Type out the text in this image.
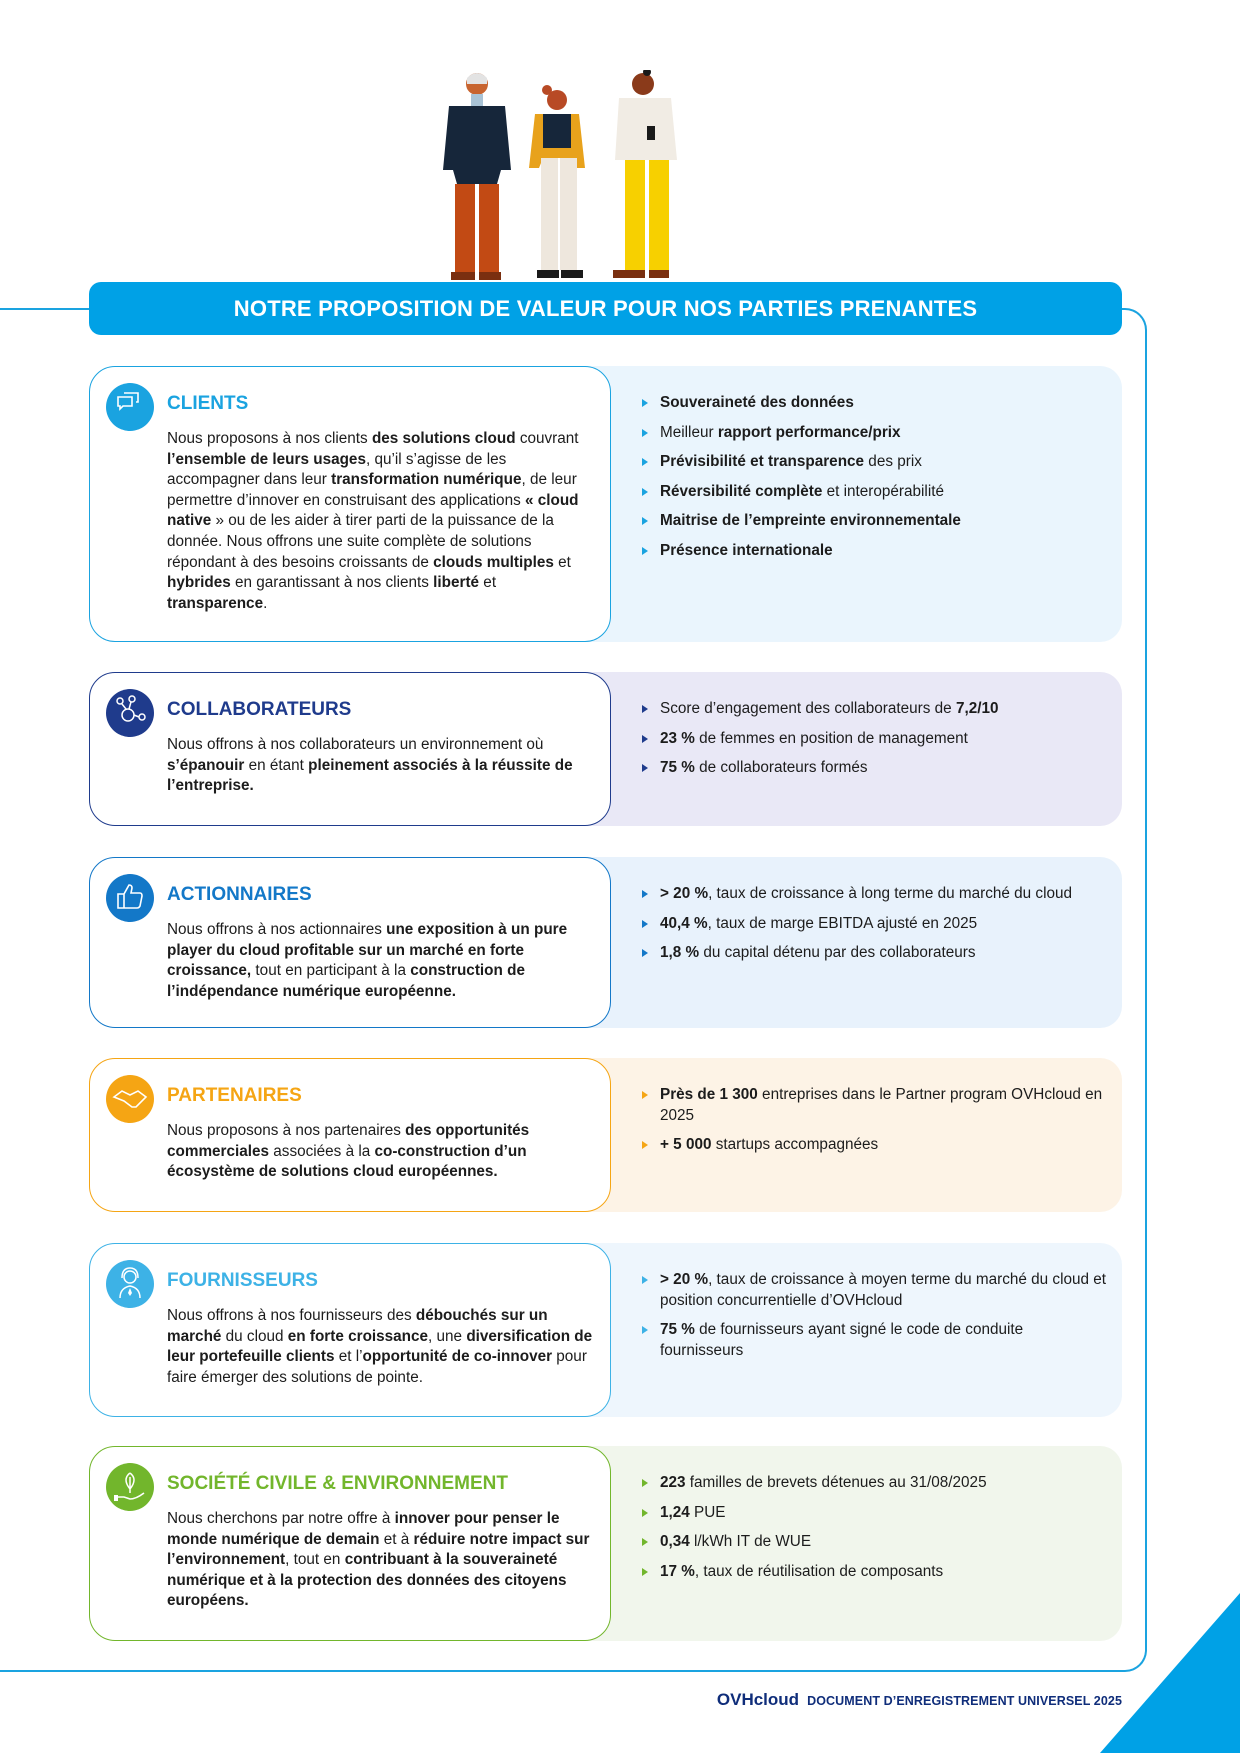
NOTRE PROPOSITION DE VALEUR POUR NOS PARTIES PRENANTES
CLIENTS
Nous proposons à nos clients des solutions cloud couvrant l’ensemble de leurs usages, qu’il s’agisse de les accompagner dans leur transformation numérique, de leur permettre d’innover en construisant des applications « cloud native » ou de les aider à tirer parti de la puissance de la donnée. Nous offrons une suite complète de solutions répondant à des besoins croissants de clouds multiples et hybrides en garantissant à nos clients liberté et transparence.
Souveraineté des données
Meilleur rapport performance/prix
Prévisibilité et transparence des prix
Réversibilité complète et interopérabilité
Maitrise de l’empreinte environnementale
Présence internationale
COLLABORATEURS
Nous offrons à nos collaborateurs un environnement où s’épanouir en étant pleinement associés à la réussite de l’entreprise.
Score d’engagement des collaborateurs de 7,2/10
23 % de femmes en position de management
75 % de collaborateurs formés
ACTIONNAIRES
Nous offrons à nos actionnaires une exposition à un pure player du cloud profitable sur un marché en forte croissance, tout en participant à la construction de l’indépendance numérique européenne.
> 20 %, taux de croissance à long terme du marché du cloud
40,4 %, taux de marge EBITDA ajusté en 2025
1,8 % du capital détenu par des collaborateurs
PARTENAIRES
Nous proposons à nos partenaires des opportunités commerciales associées à la co-construction d’un écosystème de solutions cloud européennes.
Près de 1 300 entreprises dans le Partner program OVHcloud en 2025
+ 5 000 startups accompagnées
FOURNISSEURS
Nous offrons à nos fournisseurs des débouchés sur un marché du cloud en forte croissance, une diversification de leur portefeuille clients et l’opportunité de co-innover pour faire émerger des solutions de pointe.
> 20 %, taux de croissance à moyen terme du marché du cloud et position concurrentielle d’OVHcloud
75 % de fournisseurs ayant signé le code de conduite fournisseurs
SOCIÉTÉ CIVILE & ENVIRONNEMENT
Nous cherchons par notre offre à innover pour penser le monde numérique de demain et à réduire notre impact sur l’environnement, tout en contribuant à la souveraineté numérique et à la protection des données des citoyens européens.
223 familles de brevets détenues au 31/08/2025
1,24 PUE
0,34 l/kWh IT de WUE
17 %, taux de réutilisation de composants
OVHcloud DOCUMENT D’ENREGISTREMENT UNIVERSEL 2025
